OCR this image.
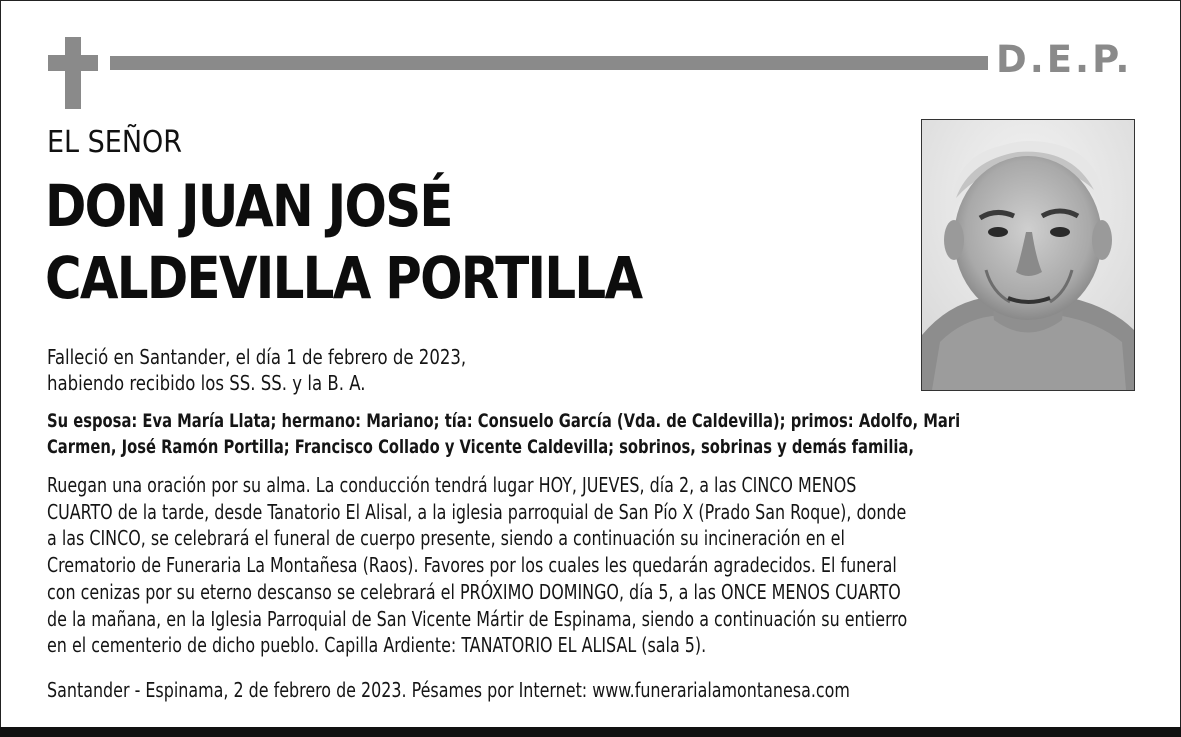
D.E.P.
EL SEÑOR
DON JUAN JOSÉ
CALDEVILLA PORTILLA
Falleció en Santander, el día 1 de febrero de 2023,
habiendo recibido los SS. SS. y la B. A.
Su esposa: Eva María Llata; hermano: Mariano; tía: Consuelo García (Vda. de Caldevilla); primos: Adolfo, Mari
Carmen, José Ramón Portilla; Francisco Collado y Vicente Caldevilla; sobrinos, sobrinas y demás familia,
Ruegan una oración por su alma. La conducción tendrá lugar HOY, JUEVES, día 2, a las CINCO MENOS
CUARTO de la tarde, desde Tanatorio El Alisal, a la iglesia parroquial de San Pío X (Prado San Roque), donde
a las CINCO, se celebrará el funeral de cuerpo presente, siendo a continuación su incineración en el
Crematorio de Funeraria La Montañesa (Raos). Favores por los cuales les quedarán agradecidos. El funeral
con cenizas por su eterno descanso se celebrará el PRÓXIMO DOMINGO, día 5, a las ONCE MENOS CUARTO
de la mañana, en la Iglesia Parroquial de San Vicente Mártir de Espinama, siendo a continuación su entierro
en el cementerio de dicho pueblo. Capilla Ardiente: TANATORIO EL ALISAL (sala 5).
Santander - Espinama, 2 de febrero de 2023. Pésames por Internet: www.funerarialamontanesa.com
